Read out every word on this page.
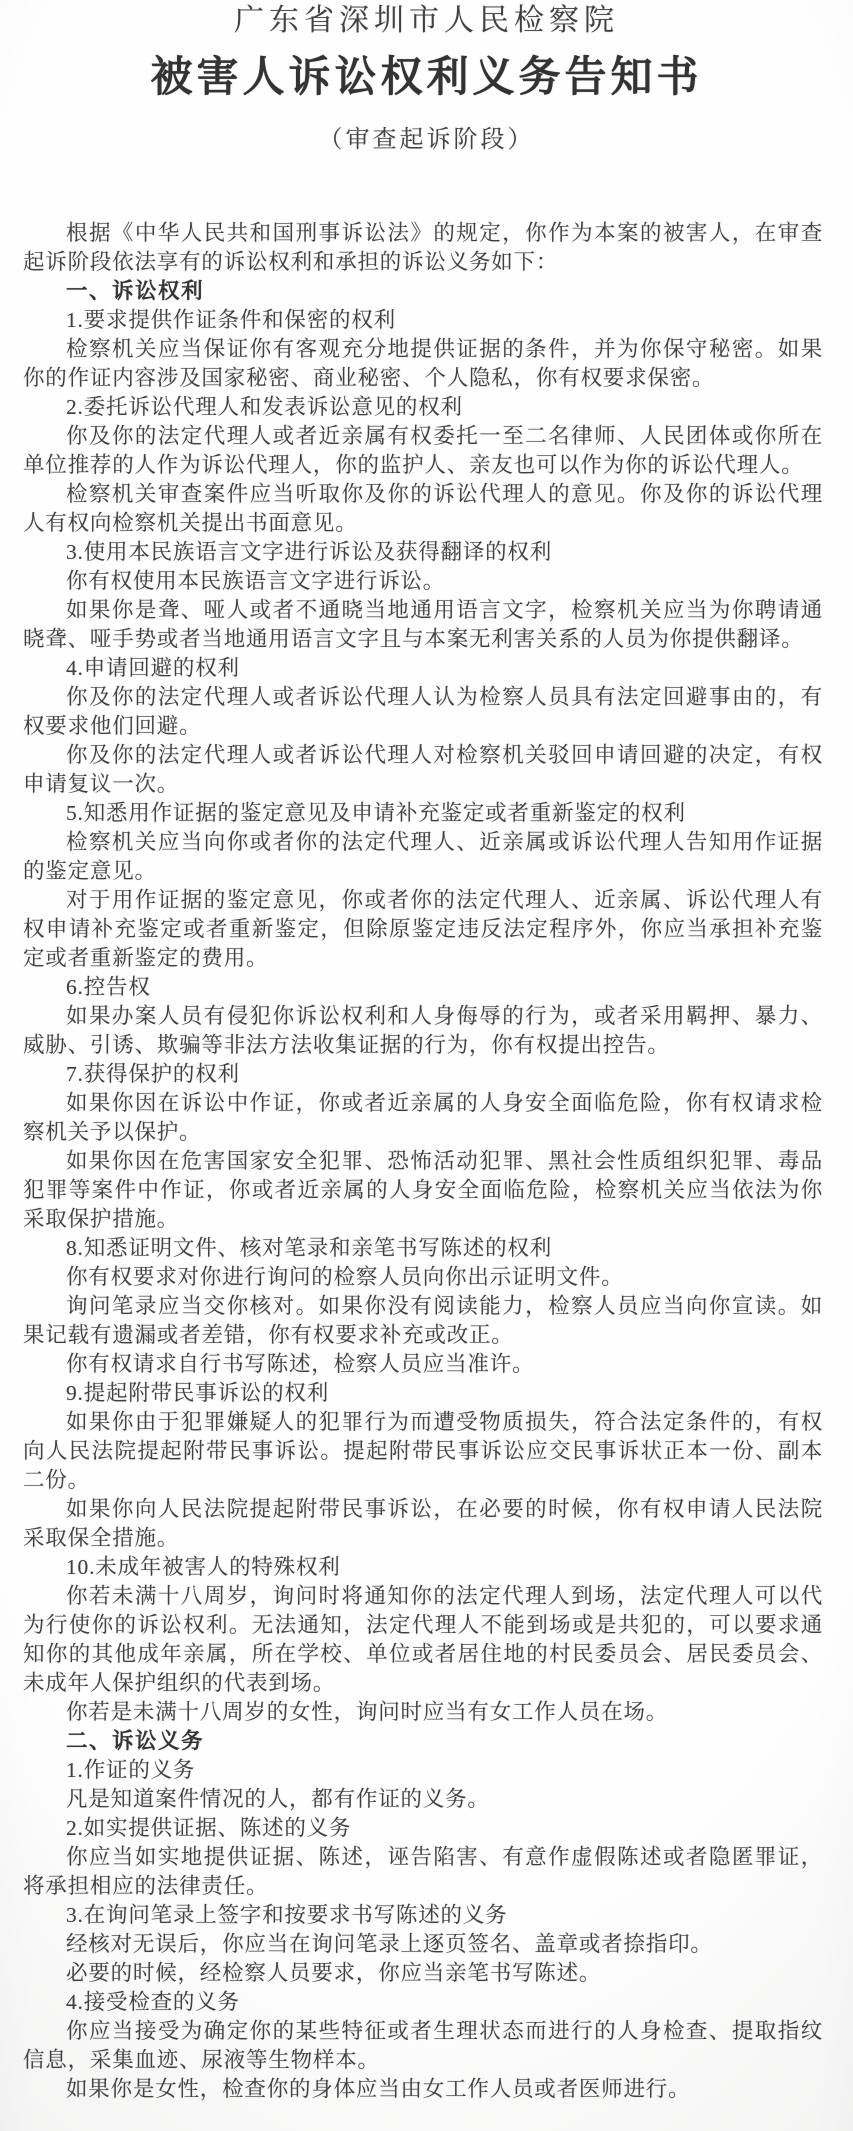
广东省深圳市人民检察院
被害人诉讼权利义务告知书
（审查起诉阶段）

根据《中华人民共和国刑事诉讼法》的规定，你作为本案的被害人，在审查起诉阶段依法享有的诉讼权利和承担的诉讼义务如下：

一、诉讼权利

1.要求提供作证条件和保密的权利

检察机关应当保证你有客观充分地提供证据的条件，并为你保守秘密。如果你的作证内容涉及国家秘密、商业秘密、个人隐私，你有权要求保密。

2.委托诉讼代理人和发表诉讼意见的权利

你及你的法定代理人或者近亲属有权委托一至二名律师、人民团体或你所在单位推荐的人作为诉讼代理人，你的监护人、亲友也可以作为你的诉讼代理人。

检察机关审查案件应当听取你及你的诉讼代理人的意见。你及你的诉讼代理人有权向检察机关提出书面意见。

3.使用本民族语言文字进行诉讼及获得翻译的权利

你有权使用本民族语言文字进行诉讼。

如果你是聋、哑人或者不通晓当地通用语言文字，检察机关应当为你聘请通晓聋、哑手势或者当地通用语言文字且与本案无利害关系的人员为你提供翻译。

4.申请回避的权利

你及你的法定代理人或者诉讼代理人认为检察人员具有法定回避事由的，有权要求他们回避。

你及你的法定代理人或者诉讼代理人对检察机关驳回申请回避的决定，有权申请复议一次。

5.知悉用作证据的鉴定意见及申请补充鉴定或者重新鉴定的权利

检察机关应当向你或者你的法定代理人、近亲属或诉讼代理人告知用作证据的鉴定意见。

对于用作证据的鉴定意见，你或者你的法定代理人、近亲属、诉讼代理人有权申请补充鉴定或者重新鉴定，但除原鉴定违反法定程序外，你应当承担补充鉴定或者重新鉴定的费用。

6.控告权

如果办案人员有侵犯你诉讼权利和人身侮辱的行为，或者采用羁押、暴力、威胁、引诱、欺骗等非法方法收集证据的行为，你有权提出控告。

7.获得保护的权利

如果你因在诉讼中作证，你或者近亲属的人身安全面临危险，你有权请求检察机关予以保护。

如果你因在危害国家安全犯罪、恐怖活动犯罪、黑社会性质组织犯罪、毒品犯罪等案件中作证，你或者近亲属的人身安全面临危险，检察机关应当依法为你采取保护措施。

8.知悉证明文件、核对笔录和亲笔书写陈述的权利

你有权要求对你进行询问的检察人员向你出示证明文件。

询问笔录应当交你核对。如果你没有阅读能力，检察人员应当向你宣读。如果记载有遗漏或者差错，你有权要求补充或改正。

你有权请求自行书写陈述，检察人员应当准许。

9.提起附带民事诉讼的权利

如果你由于犯罪嫌疑人的犯罪行为而遭受物质损失，符合法定条件的，有权向人民法院提起附带民事诉讼。提起附带民事诉讼应交民事诉状正本一份、副本二份。

如果你向人民法院提起附带民事诉讼，在必要的时候，你有权申请人民法院采取保全措施。

10.未成年被害人的特殊权利

你若未满十八周岁，询问时将通知你的法定代理人到场，法定代理人可以代为行使你的诉讼权利。无法通知，法定代理人不能到场或是共犯的，可以要求通知你的其他成年亲属，所在学校、单位或者居住地的村民委员会、居民委员会、未成年人保护组织的代表到场。

你若是未满十八周岁的女性，询问时应当有女工作人员在场。

二、诉讼义务

1.作证的义务

凡是知道案件情况的人，都有作证的义务。

2.如实提供证据、陈述的义务

你应当如实地提供证据、陈述，诬告陷害、有意作虚假陈述或者隐匿罪证，将承担相应的法律责任。

3.在询问笔录上签字和按要求书写陈述的义务

经核对无误后，你应当在询问笔录上逐页签名、盖章或者捺指印。

必要的时候，经检察人员要求，你应当亲笔书写陈述。

4.接受检查的义务

你应当接受为确定你的某些特征或者生理状态而进行的人身检查、提取指纹信息，采集血迹、尿液等生物样本。

如果你是女性，检查你的身体应当由女工作人员或者医师进行。
